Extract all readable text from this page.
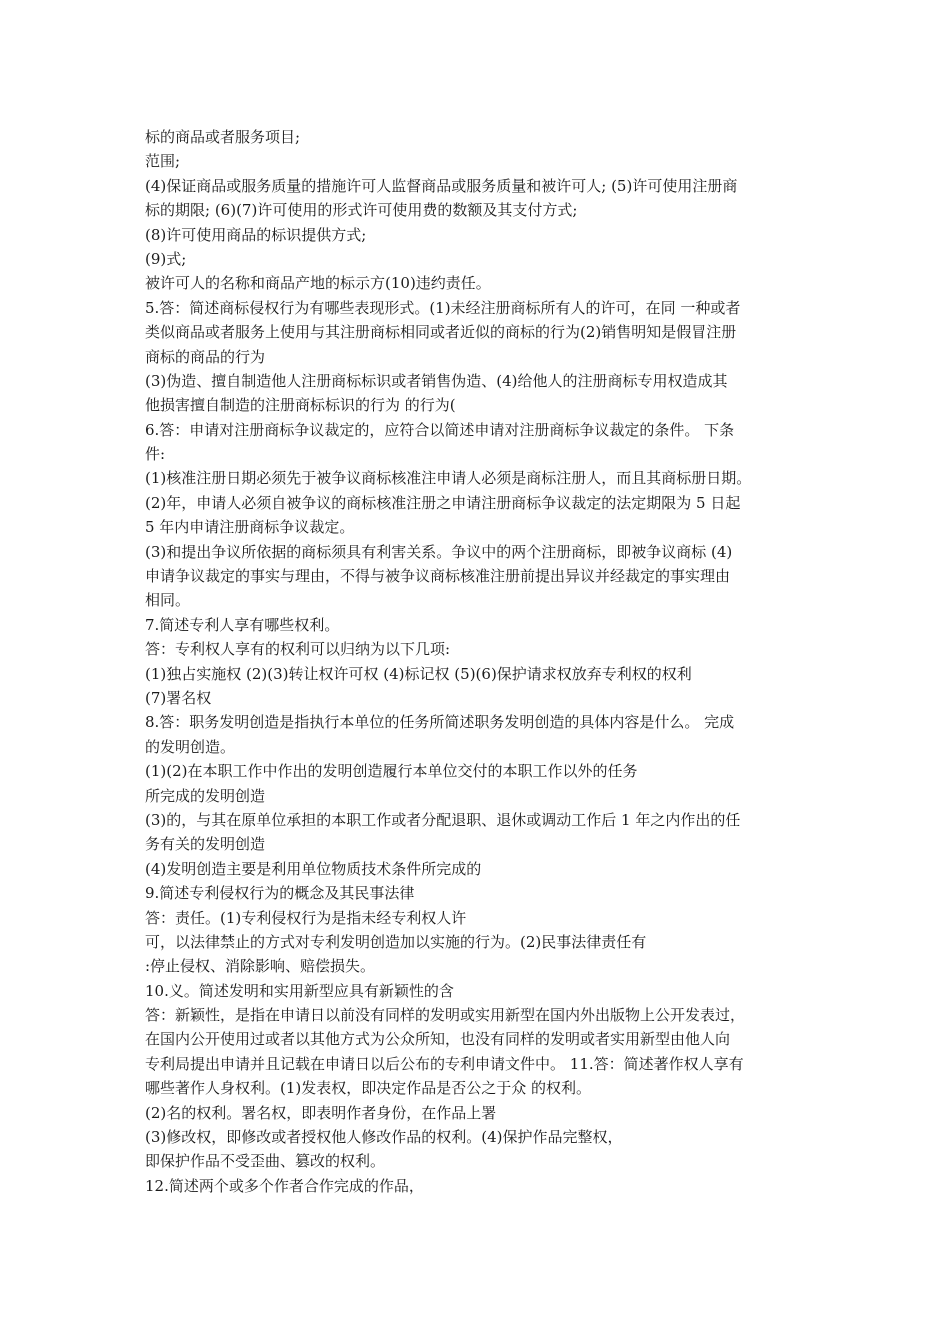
标的商品或者服务项目;
范围;
(4)保证商品或服务质量的措施许可人监督商品或服务质量和被许可人; (5)许可使用注册商
标的期限; (6)(7)许可使用的形式许可使用费的数额及其支付方式;
(8)许可使用商品的标识提供方式;
(9)式;
被许可人的名称和商品产地的标示方(10)违约责任。
5.答：简述商标侵权行为有哪些表现形式。(1)未经注册商标所有人的许可，在同 一种或者
类似商品或者服务上使用与其注册商标相同或者近似的商标的行为(2)销售明知是假冒注册
商标的商品的行为
(3)伪造、擅自制造他人注册商标标识或者销售伪造、(4)给他人的注册商标专用权造成其
他损害擅自制造的注册商标标识的行为 的行为(
6.答：申请对注册商标争议裁定的，应符合以简述申请对注册商标争议裁定的条件。 下条
件:
(1)核准注册日期必须先于被争议商标核准注申请人必须是商标注册人，而且其商标册日期。
(2)年，申请人必须自被争议的商标核准注册之申请注册商标争议裁定的法定期限为 5 日起
5 年内申请注册商标争议裁定。
(3)和提出争议所依据的商标须具有利害关系。争议中的两个注册商标，即被争议商标 (4)
申请争议裁定的事实与理由，不得与被争议商标核准注册前提出异议并经裁定的事实理由
相同。
7.简述专利人享有哪些权利。
答：专利权人享有的权利可以归纳为以下几项:
(1)独占实施权 (2)(3)转让权许可权 (4)标记权 (5)(6)保护请求权放弃专利权的权利
(7)署名权
8.答：职务发明创造是指执行本单位的任务所简述职务发明创造的具体内容是什么。 完成
的发明创造。
(1)(2)在本职工作中作出的发明创造履行本单位交付的本职工作以外的任务
所完成的发明创造
(3)的，与其在原单位承担的本职工作或者分配退职、退休或调动工作后 1 年之内作出的任
务有关的发明创造
(4)发明创造主要是利用单位物质技术条件所完成的
9.简述专利侵权行为的概念及其民事法律
答：责任。(1)专利侵权行为是指未经专利权人许
可，以法律禁止的方式对专利发明创造加以实施的行为。(2)民事法律责任有
:停止侵权、消除影响、赔偿损失。
10.义。简述发明和实用新型应具有新颖性的含
答：新颖性，是指在申请日以前没有同样的发明或实用新型在国内外出版物上公开发表过，
在国内公开使用过或者以其他方式为公众所知，也没有同样的发明或者实用新型由他人向
专利局提出申请并且记载在申请日以后公布的专利申请文件中。 11.答：简述著作权人享有
哪些著作人身权利。(1)发表权，即决定作品是否公之于众 的权利。
(2)名的权利。署名权，即表明作者身份，在作品上署
(3)修改权，即修改或者授权他人修改作品的权利。(4)保护作品完整权，
即保护作品不受歪曲、篡改的权利。
12.简述两个或多个作者合作完成的作品，
